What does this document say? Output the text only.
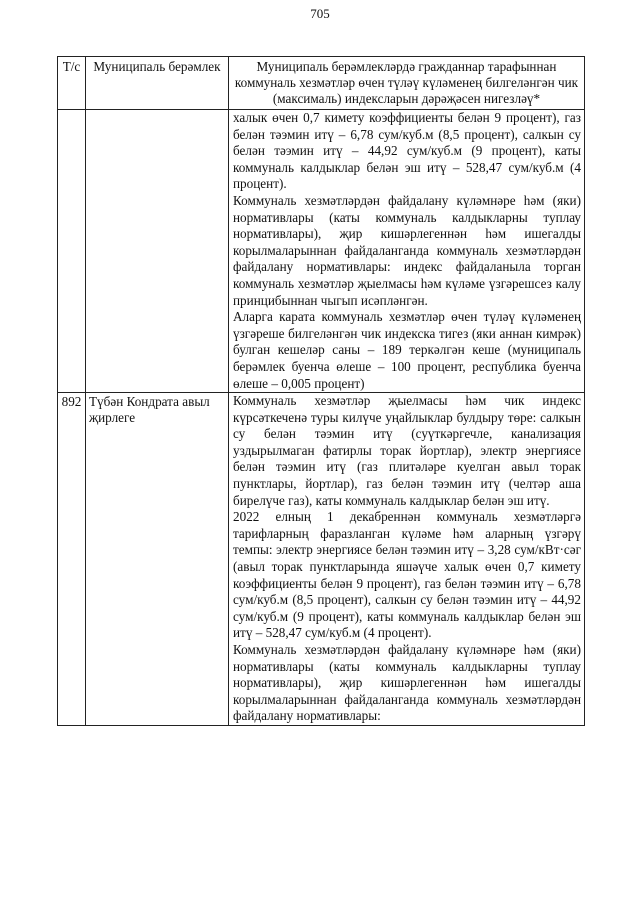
705
Т/с	Муниципаль берәмлек	Муниципаль берәмлекләрдә гражданнар тарафыннан коммуналь хезмәтләр өчен түләү күләменең билгеләнгән чик (максималь) индексларын дәрәҗәсен нигезләү*

		халык өчен 0,7 кимету коэффициенты белән 9 процент), газ белән тәэмин итү – 6,78 сум/куб.м (8,5 процент), салкын су белән тәэмин итү – 44,92 сум/куб.м (9 процент), каты коммуналь калдыклар белән эш итү – 528,47 сум/куб.м (4 процент).

Коммуналь хезмәтләрдән файдалану күләмнәре һәм (яки) нормативлары (каты коммуналь калдыкларны туплау нормативлары), җир кишәрлегеннән һәм ишегалды корылмаларыннан файдаланганда коммуналь хезмәтләрдән файдалану нормативлары: индекс файдаланыла торган коммуналь хезмәтләр җыелмасы һәм күләме үзгәрешсез калу принцибыннан чыгып исәпләнгән.

Аларга карата коммуналь хезмәтләр өчен түләү күләменең үзгәреше билгеләнгән чик индекска тигез (яки аннан кимрәк) булган кешеләр саны – 189 теркәлгән кеше (муниципаль берәмлек буенча өлеше – 100 процент, республика буенча өлеше – 0,005 процент)

892	Түбән Кондрата авыл җирлеге	Коммуналь хезмәтләр җыелмасы һәм чик индекс күрсәткеченә туры килүче уңайлыклар булдыру төре: салкын су белән тәэмин итү (суүткәргечле, канализация уздырылмаган фатирлы торак йортлар), электр энергиясе белән тәэмин итү (газ плитәләре куелган авыл торак пунктлары, йортлар), газ белән тәэмин итү (челтәр аша бирелүче газ), каты коммуналь калдыклар белән эш итү.

2022 елның 1 декабреннән коммуналь хезмәтләргә тарифларның фаразланган күләме һәм аларның үзгәрү темпы: электр энергиясе белән тәэмин итү – 3,28 сум/кВт·сәг (авыл торак пунктларында яшәүче халык өчен 0,7 кимету коэффициенты белән 9 процент), газ белән тәэмин итү – 6,78 сум/куб.м (8,5 процент), салкын су белән тәэмин итү – 44,92 сум/куб.м (9 процент), каты коммуналь калдыклар белән эш итү – 528,47 сум/куб.м (4 процент).

Коммуналь хезмәтләрдән файдалану күләмнәре һәм (яки) нормативлары (каты коммуналь калдыкларны туплау нормативлары), җир кишәрлегеннән һәм ишегалды корылмаларыннан файдаланганда коммуналь хезмәтләрдән файдалану нормативлары:
